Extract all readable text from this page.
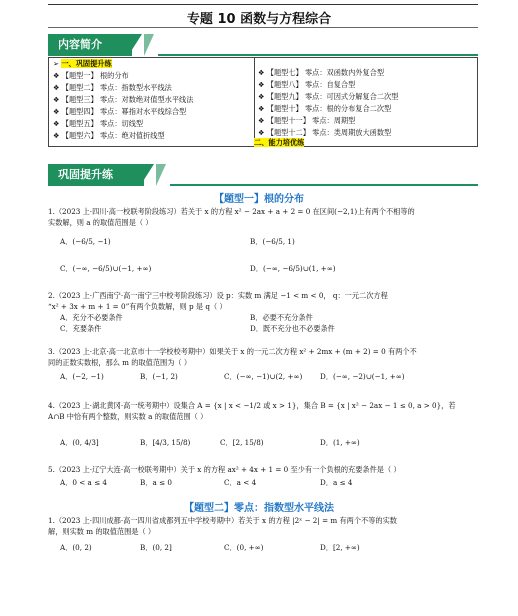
专题 10 函数与方程综合
内容简介
➢ 一、巩固提升练
❖ 【题型一】 根的分布
❖ 【题型二】 零点：指数型水平线法
❖ 【题型三】 零点：对数绝对值型水平线法
❖ 【题型四】 零点：幂指对水平线综合型
❖ 【题型五】 零点：切线型
❖ 【题型六】 零点：绝对值折线型
❖ 【题型七】 零点：双函数内外复合型
❖ 【题型八】 零点：自复合型
❖ 【题型九】 零点：可因式分解复合二次型
❖ 【题型十】 零点：根的分布复合二次型
❖ 【题型十一】 零点：周期型
❖ 【题型十二】 零点：类周期放大函数型
二、能力培优练
巩固提升练
【题型一】根的分布
1.（2023 上·四川·高一校联考阶段练习）若关于 x 的方程 x² − 2ax + a + 2 = 0 在区间(−2,1)上有两个不相等的
实数解，则 a 的取值范围是（ ）
A．(−6/5, −1)	B．(−6/5, 1)
C．(−∞, −6/5)∪(−1, +∞)	D．(−∞, −6/5)∪(1, +∞)
2.（2023 上·广西南宁·高一南宁三中校考阶段练习）设 p：实数 m 满足 −1 < m < 0， q：一元二次方程
“x² + 3x + m + 1 = 0”有两个负数解，则 p 是 q（ ）
A．充分不必要条件	B．必要不充分条件
C．充要条件	D．既不充分也不必要条件
3.（2023 上·北京·高一北京市十一学校校考期中）如果关于 x 的一元二次方程 x² + 2mx + (m + 2) = 0 有两个不
同的正数实数根，那么 m 的取值范围为（ ）
A．(−2, −1)	B．(−1, 2)	C．(−∞, −1)∪(2, +∞) D．(−∞, −2)∪(−1, +∞)
4.（2023 上·湖北黄冈·高一统考期中）设集合 A = {x | x < −1/2 或 x > 1}，集合 B = {x | x² − 2ax − 1 ≤ 0, a > 0}，若
A∩B 中恰有两个整数，则实数 a 的取值范围（ ）
A．(0, 4/3]	B．[4/3, 15/8)	C．[2, 15/8)	D．(1, +∞)
5.（2023 上·辽宁大连·高一校联考期中）关于 x 的方程 ax² + 4x + 1 = 0 至少有一个负根的充要条件是（ ）
A．0 < a ≤ 4	B．a ≤ 0	C．a < 4	D．a ≤ 4
【题型二】零点：指数型水平线法
1.（2023 上·四川成都·高一四川省成都列五中学校考期中）若关于 x 的方程 |2ˣ − 2| = m 有两个不等的实数
解，则实数 m 的取值范围是（ ）
A．(0, 2)	B．(0, 2]	C．(0, +∞)	D．[2, +∞)
